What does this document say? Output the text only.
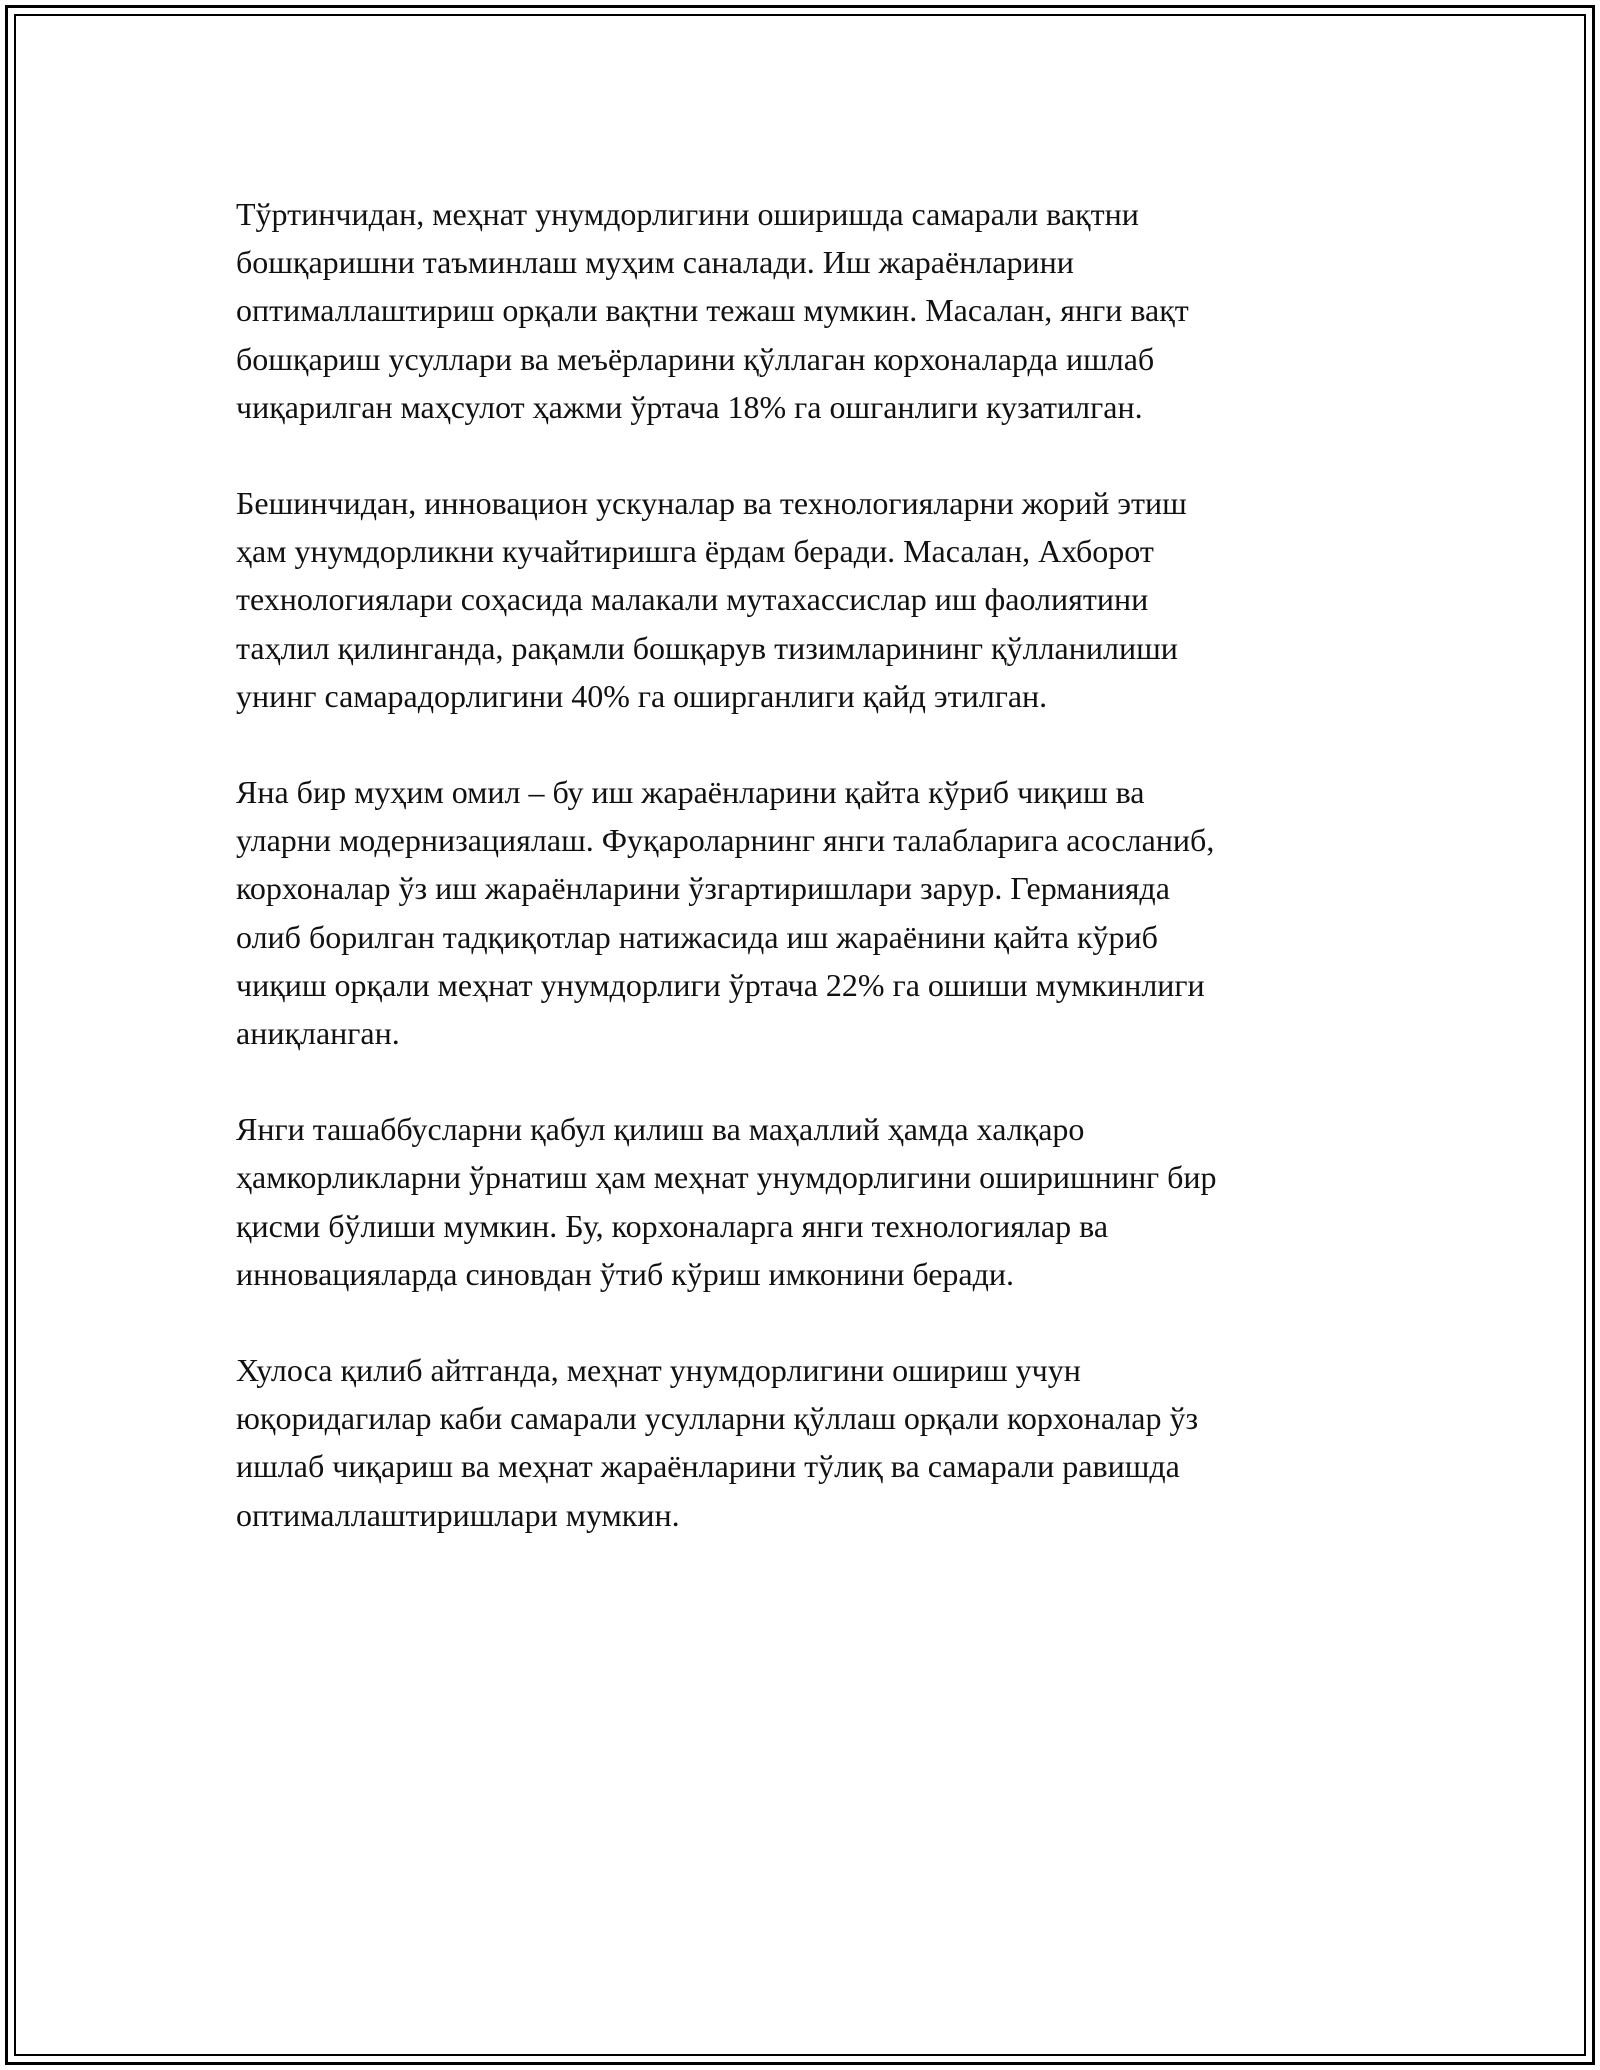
Тўртинчидан, меҳнат унумдорлигини оширишда самарали вақтни
бошқаришни таъминлаш муҳим саналади. Иш жараёнларини
оптималлаштириш орқали вақтни тежаш мумкин. Масалан, янги вақт
бошқариш усуллари ва меъёрларини қўллаган корхоналарда ишлаб
чиқарилган маҳсулот ҳажми ўртача 18% га ошганлиги кузатилган.

Бешинчидан, инновацион ускуналар ва технологияларни жорий этиш
ҳам унумдорликни кучайтиришга ёрдам беради. Масалан, Ахборот
технологиялари соҳасида малакали мутахассислар иш фаолиятини
таҳлил қилинганда, рақамли бошқарув тизимларининг қўлланилиши
унинг самарадорлигини 40% га оширганлиги қайд этилган.

Яна бир муҳим омил – бу иш жараёнларини қайта кўриб чиқиш ва
уларни модернизациялаш. Фуқароларнинг янги талабларига асосланиб,
корхоналар ўз иш жараёнларини ўзгартиришлари зарур. Германияда
олиб борилган тадқиқотлар натижасида иш жараёнини қайта кўриб
чиқиш орқали меҳнат унумдорлиги ўртача 22% га ошиши мумкинлиги
аниқланган.

Янги ташаббусларни қабул қилиш ва маҳаллий ҳамда халқаро
ҳамкорликларни ўрнатиш ҳам меҳнат унумдорлигини оширишнинг бир
қисми бўлиши мумкин. Бу, корхоналарга янги технологиялар ва
инновацияларда синовдан ўтиб кўриш имконини беради.

Хулоса қилиб айтганда, меҳнат унумдорлигини ошириш учун
юқоридагилар каби самарали усулларни қўллаш орқали корхоналар ўз
ишлаб чиқариш ва меҳнат жараёнларини тўлиқ ва самарали равишда
оптималлаштиришлари мумкин.
